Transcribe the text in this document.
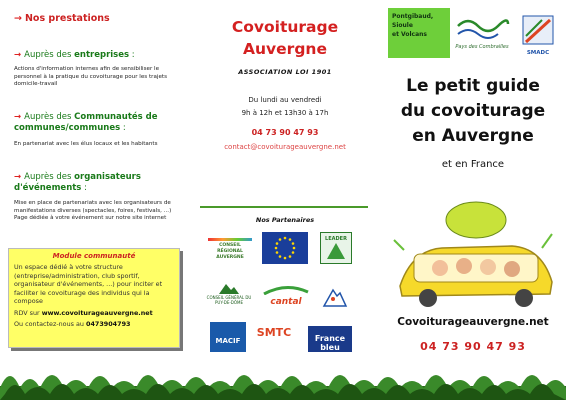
→ Nos prestations
→ Auprès des entreprises :
Actions d'information internes afin de sensibiliser le personnel à la pratique du covoiturage pour les trajets domicile-travail
→ Auprès des Communautés de communes/communes :
En partenariat avec les élus locaux et les habitants
→ Auprès des organisateurs d'événements :
Mise en place de partenariats avec les organisateurs de manifestations diverses (spectacles, foires, festivals, ...)
Page dédiée à votre événement sur notre site internet
Module communauté

Un espace dédié à votre structure (entreprise/administration, club sportif, organisateur d'événements, ...) pour inciter et faciliter le covoiturage des individus qui la compose

RDV sur www.covoiturageauvergne.net

Ou contactez-nous au 0473904793

Covoiturage
Auvergne
ASSOCIATION LOI 1901
Du lundi au vendredi
9h à 12h et 13h30 à 17h
04 73 90 47 93
contact@covoiturageauvergne.net
Nos Partenaires
CONSEIL RÉGIONAL AUVERGNE
LEADER

CONSEIL GÉNÉRAL DU PUY-DE-DÔME	cantal
MACIF
SMTC	France bleu
Pontgibaud,
Sioule
et Volcans
Pays des Combrailles
SMADC
Le petit guide
du covoiturage
en Auvergne
et en France
Covoiturageauvergne.net
04 73 90 47 93
